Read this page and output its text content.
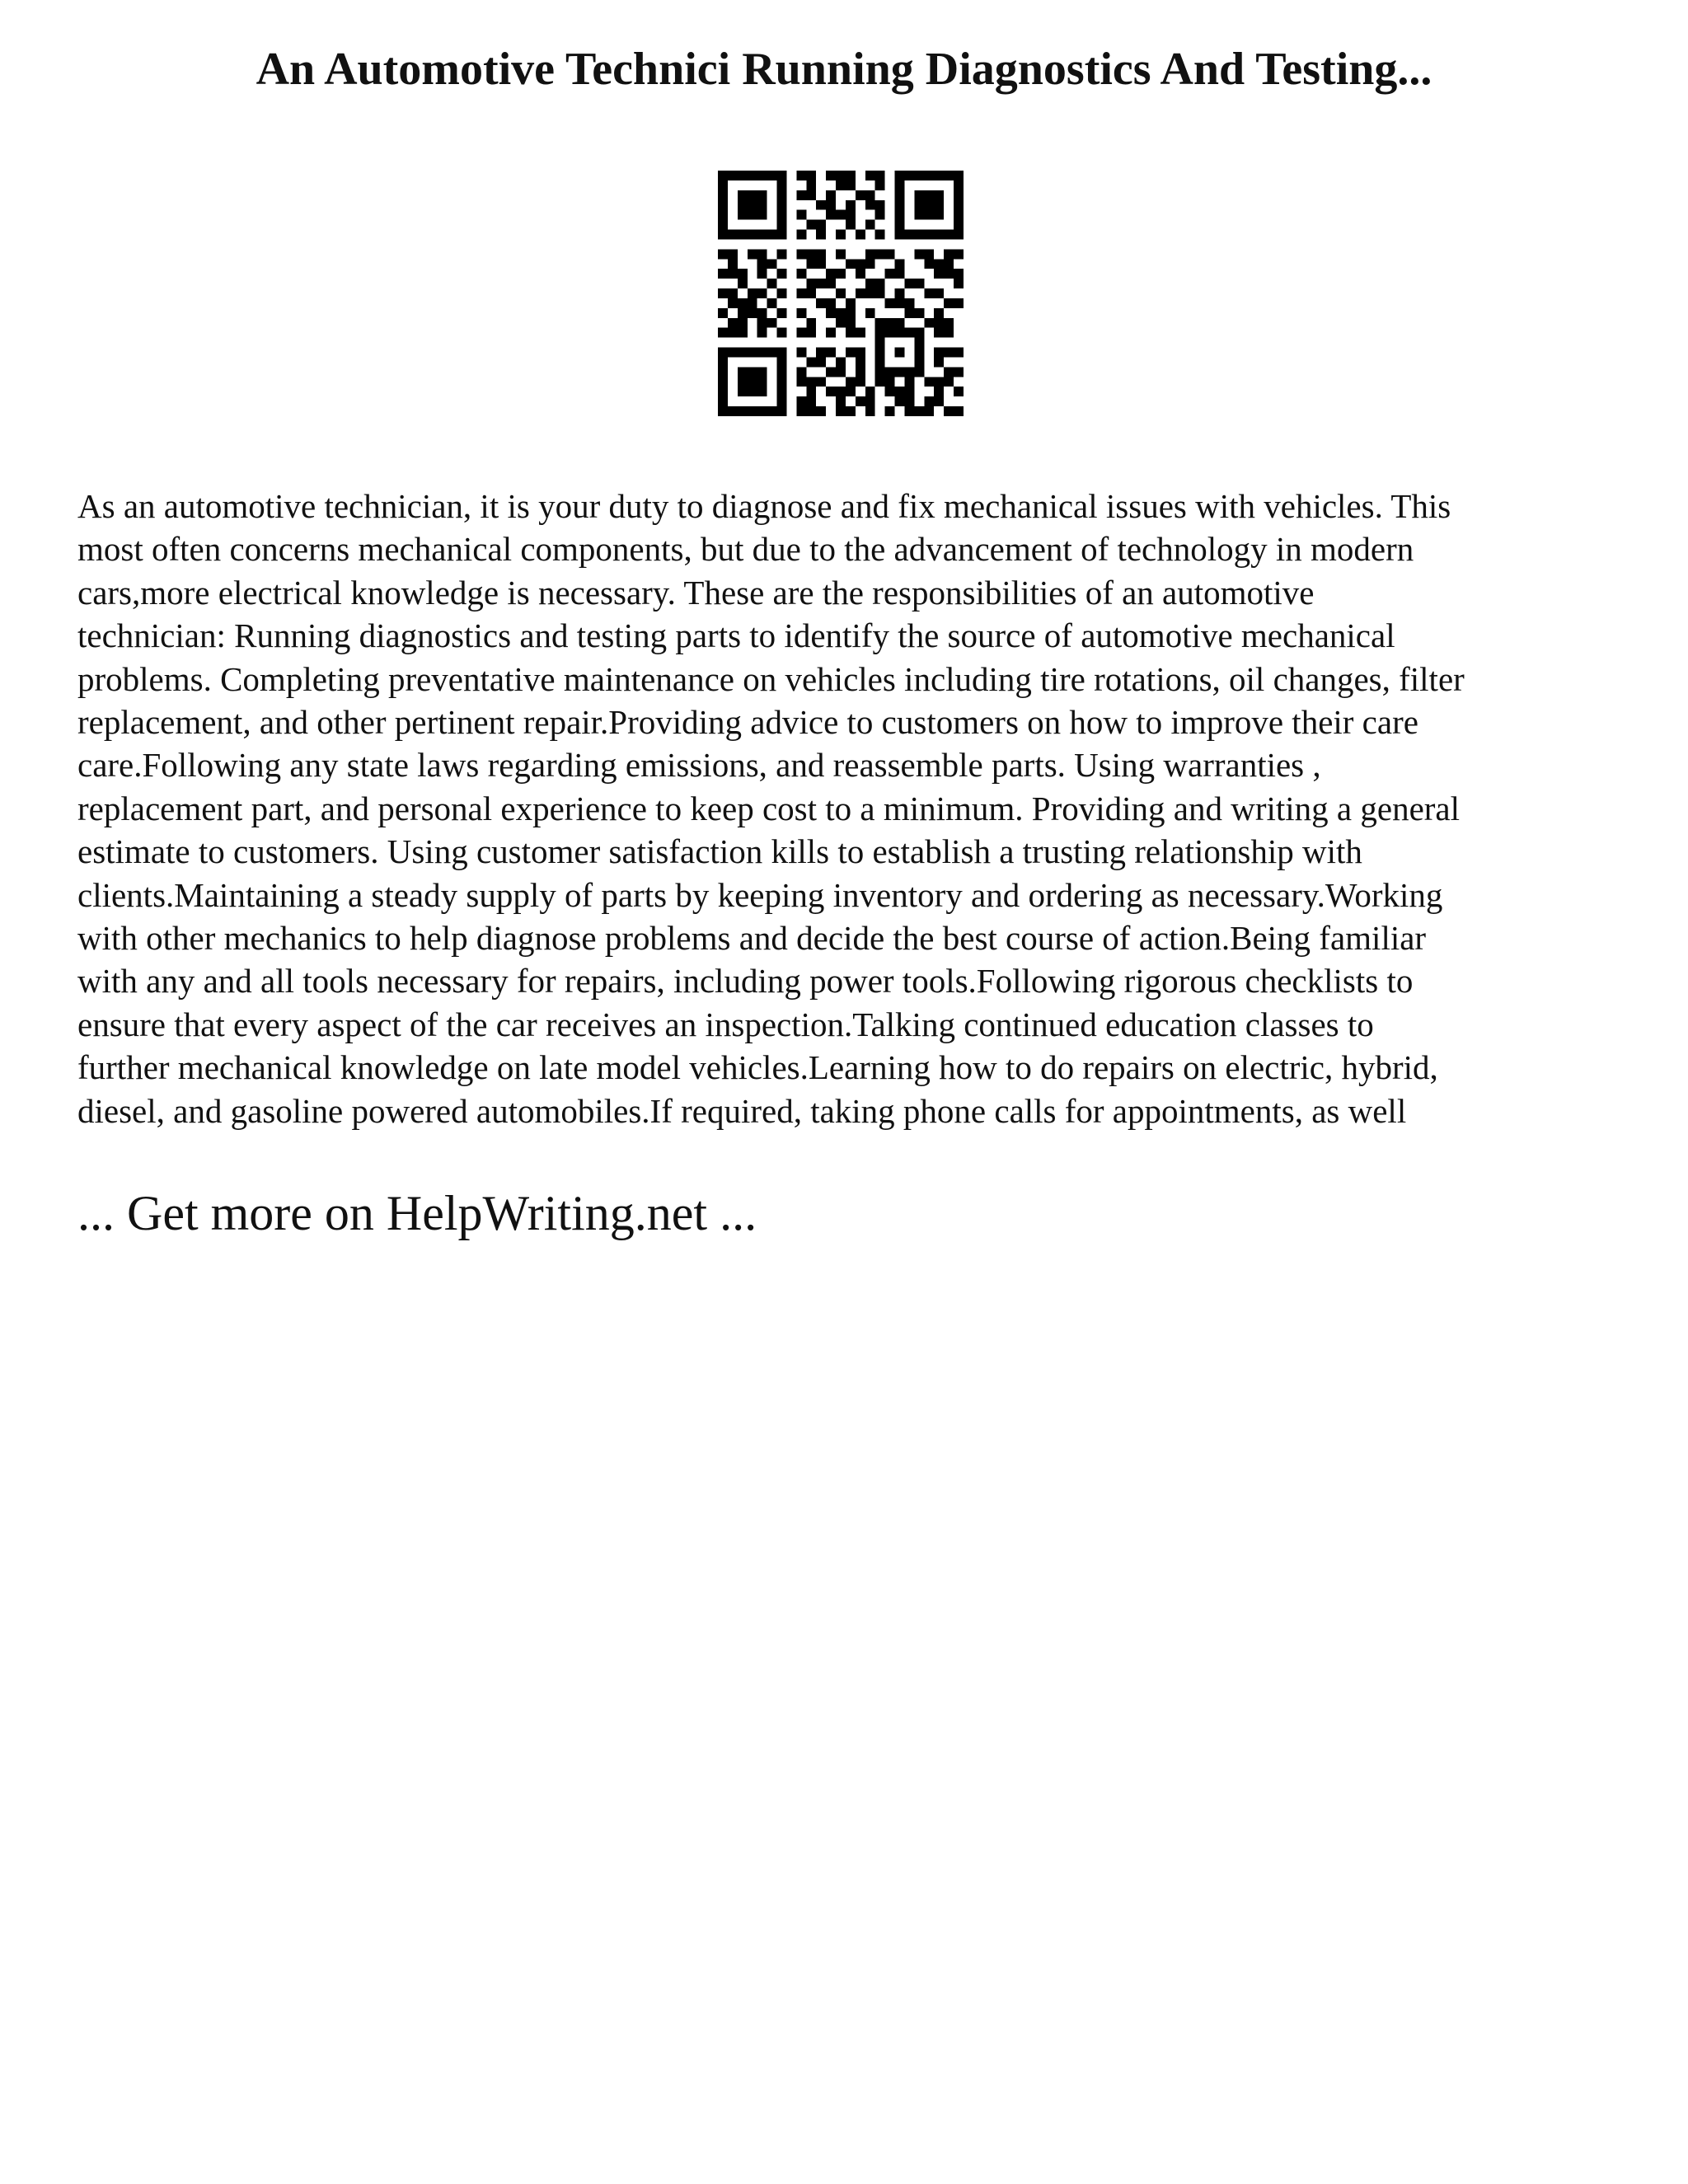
An Automotive Technici Running Diagnostics And Testing...
As an automotive technician, it is your duty to diagnose and fix mechanical issues with vehicles. This
most often concerns mechanical components, but due to the advancement of technology in modern
cars,more electrical knowledge is necessary. These are the responsibilities of an automotive
technician: Running diagnostics and testing parts to identify the source of automotive mechanical
problems. Completing preventative maintenance on vehicles including tire rotations, oil changes, filter
replacement, and other pertinent repair.Providing advice to customers on how to improve their care
care.Following any state laws regarding emissions, and reassemble parts. Using warranties ,
replacement part, and personal experience to keep cost to a minimum. Providing and writing a general
estimate to customers. Using customer satisfaction kills to establish a trusting relationship with
clients.Maintaining a steady supply of parts by keeping inventory and ordering as necessary.Working
with other mechanics to help diagnose problems and decide the best course of action.Being familiar
with any and all tools necessary for repairs, including power tools.Following rigorous checklists to
ensure that every aspect of the car receives an inspection.Talking continued education classes to
further mechanical knowledge on late model vehicles.Learning how to do repairs on electric, hybrid,
diesel, and gasoline powered automobiles.If required, taking phone calls for appointments, as well

... Get more on HelpWriting.net ...
